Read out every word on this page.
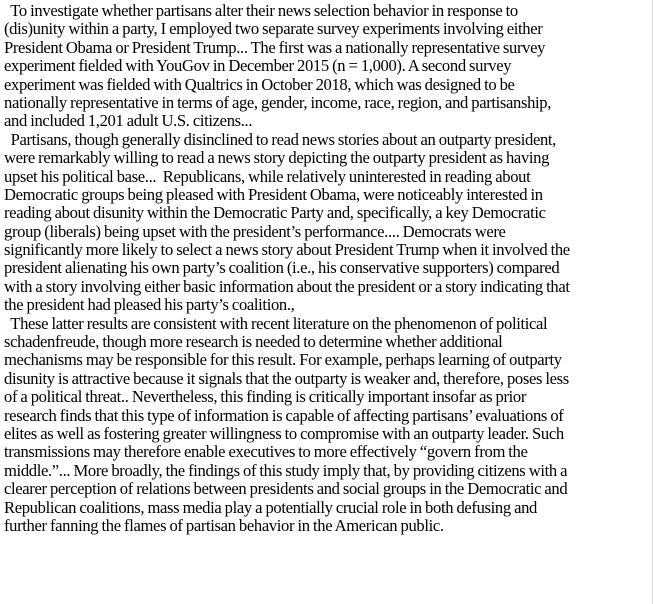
To investigate whether partisans alter their news selection behavior in response to
(dis)unity within a party, I employed two separate survey experiments involving either
President Obama or President Trump... The first was a nationally representative survey
experiment fielded with YouGov in December 2015 (n = 1,000). A second survey
experiment was fielded with Qualtrics in October 2018, which was designed to be
nationally representative in terms of age, gender, income, race, region, and partisanship,
and included 1,201 adult U.S. citizens...
Partisans, though generally disinclined to read news stories about an outparty president,
were remarkably willing to read a news story depicting the outparty president as having
upset his political base...  Republicans, while relatively uninterested in reading about
Democratic groups being pleased with President Obama, were noticeably interested in
reading about disunity within the Democratic Party and, specifically, a key Democratic
group (liberals) being upset with the president’s performance.... Democrats were
significantly more likely to select a news story about President Trump when it involved the
president alienating his own party’s coalition (i.e., his conservative supporters) compared
with a story involving either basic information about the president or a story indicating that
the president had pleased his party’s coalition.,
These latter results are consistent with recent literature on the phenomenon of political
schadenfreude, though more research is needed to determine whether additional
mechanisms may be responsible for this result. For example, perhaps learning of outparty
disunity is attractive because it signals that the outparty is weaker and, therefore, poses less
of a political threat.. Nevertheless, this finding is critically important insofar as prior
research finds that this type of information is capable of affecting partisans’ evaluations of
elites as well as fostering greater willingness to compromise with an outparty leader. Such
transmissions may therefore enable executives to more effectively “govern from the
middle.”... More broadly, the findings of this study imply that, by providing citizens with a
clearer perception of relations between presidents and social groups in the Democratic and
Republican coalitions, mass media play a potentially crucial role in both defusing and
further fanning the flames of partisan behavior in the American public.
